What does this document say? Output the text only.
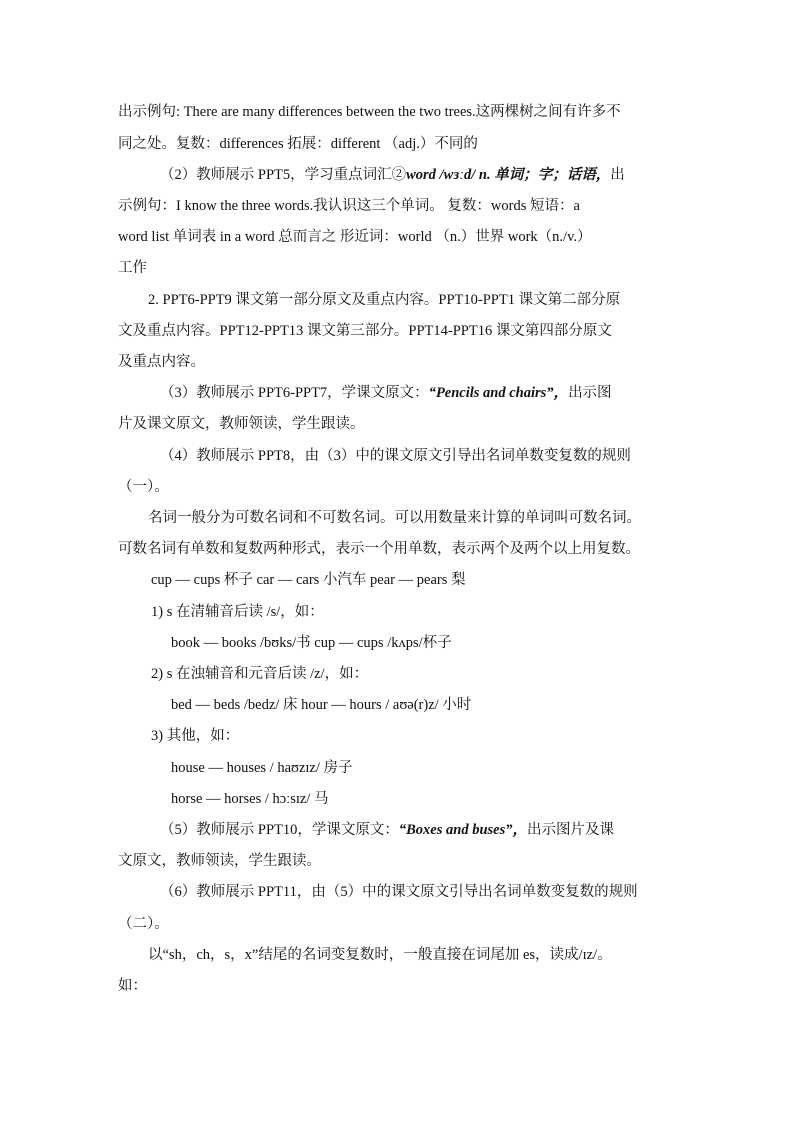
出示例句: There are many differences between the two trees.这两棵树之间有许多不
同之处。复数：differences 拓展：different （adj.）不同的
（2）教师展示 PPT5，学习重点词汇②word /wɜːd/ n. 单词；字；话语，出
示例句：I know the three words.我认识这三个单词。 复数：words 短语：a
word list 单词表 in a word 总而言之 形近词：world （n.）世界 work（n./v.）
工作
2. PPT6-PPT9 课文第一部分原文及重点内容。PPT10-PPT1 课文第二部分原
文及重点内容。PPT12-PPT13 课文第三部分。PPT14-PPT16 课文第四部分原文
及重点内容。
（3）教师展示 PPT6-PPT7，学课文原文：“Pencils and chairs”，出示图
片及课文原文，教师领读，学生跟读。
（4）教师展示 PPT8，由（3）中的课文原文引导出名词单数变复数的规则
（一）。
名词一般分为可数名词和不可数名词。可以用数量来计算的单词叫可数名词。
可数名词有单数和复数两种形式，表示一个用单数，表示两个及两个以上用复数。
cup — cups 杯子 car — cars 小汽车 pear — pears 梨
1) s 在清辅音后读 /s/，如：
book — books /bʊks/书 cup — cups /kʌps/杯子
2) s 在浊辅音和元音后读 /z/，如：
bed — beds /bedz/ 床 hour — hours / aʊə(r)z/ 小时
3) 其他，如：
house — houses / haʊzɪz/ 房子
horse — horses / hɔːsɪz/ 马
（5）教师展示 PPT10，学课文原文：“Boxes and buses”，出示图片及课
文原文，教师领读，学生跟读。
（6）教师展示 PPT11，由（5）中的课文原文引导出名词单数变复数的规则
（二）。
以“sh，ch，s，x”结尾的名词变复数时，一般直接在词尾加 es，读成/ɪz/。
如：
